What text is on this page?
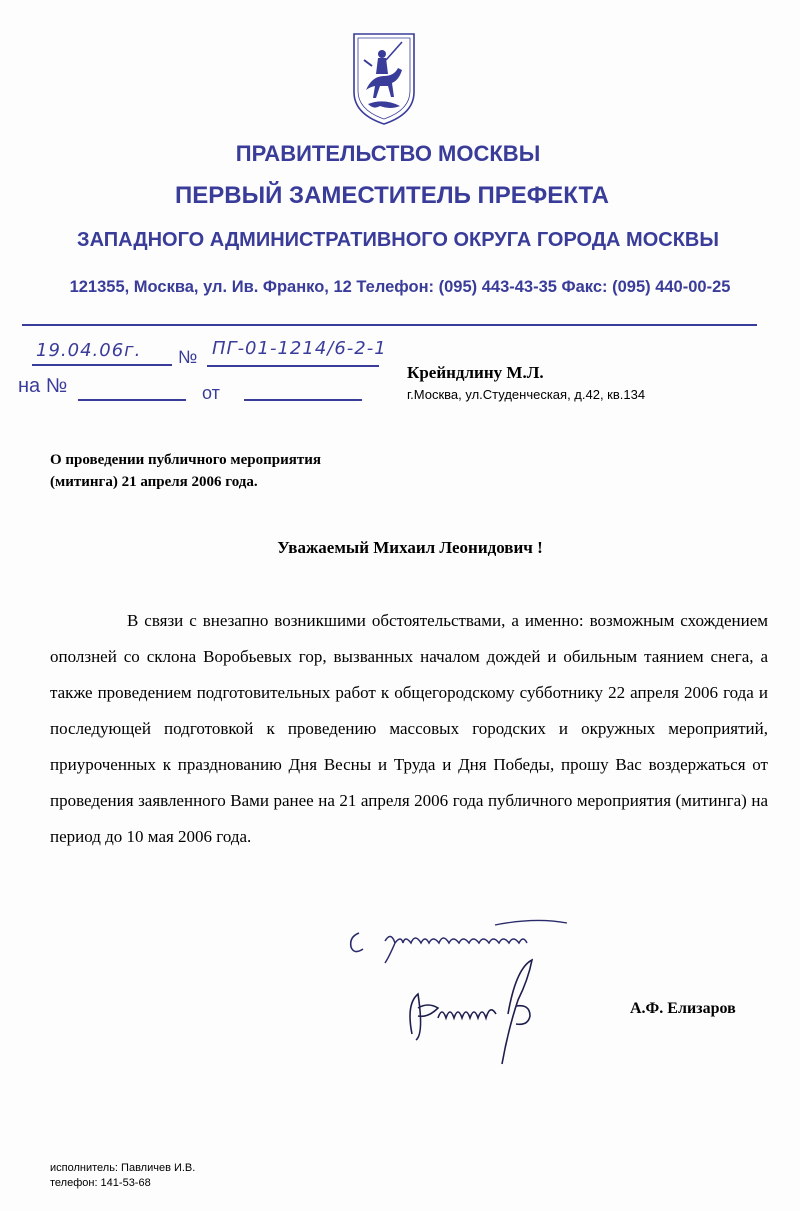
ПРАВИТЕЛЬСТВО МОСКВЫ
ПЕРВЫЙ ЗАМЕСТИТЕЛЬ ПРЕФЕКТА
ЗАПАДНОГО АДМИНИСТРАТИВНОГО ОКРУГА ГОРОДА МОСКВЫ
121355, Москва, ул. Ив. Франко, 12 Телефон: (095) 443-43-35 Факс: (095) 440-00-25
19.04.06г. № ПГ-01-1214/6-2-1
на №	от
Крейндлину М.Л.
г.Москва, ул.Студенческая, д.42, кв.134
О проведении публичного мероприятия
(митинга) 21 апреля 2006 года.
Уважаемый Михаил Леонидович !

В связи с внезапно возникшими обстоятельствами, а именно: возможным схождением оползней со склона Воробьевых гор, вызванных началом дождей и обильным таянием снега, а также проведением подготовительных работ к общегородскому субботнику 22 апреля 2006 года и последующей подготовкой к проведению массовых городских и окружных мероприятий, приуроченных к празднованию Дня Весны и Труда и Дня Победы, прошу Вас воздержаться от проведения заявленного Вами ранее на 21 апреля 2006 года публичного мероприятия (митинга) на период до 10 мая 2006 года.

А.Ф. Елизаров
исполнитель: Павличев И.В.
телефон: 141-53-68
